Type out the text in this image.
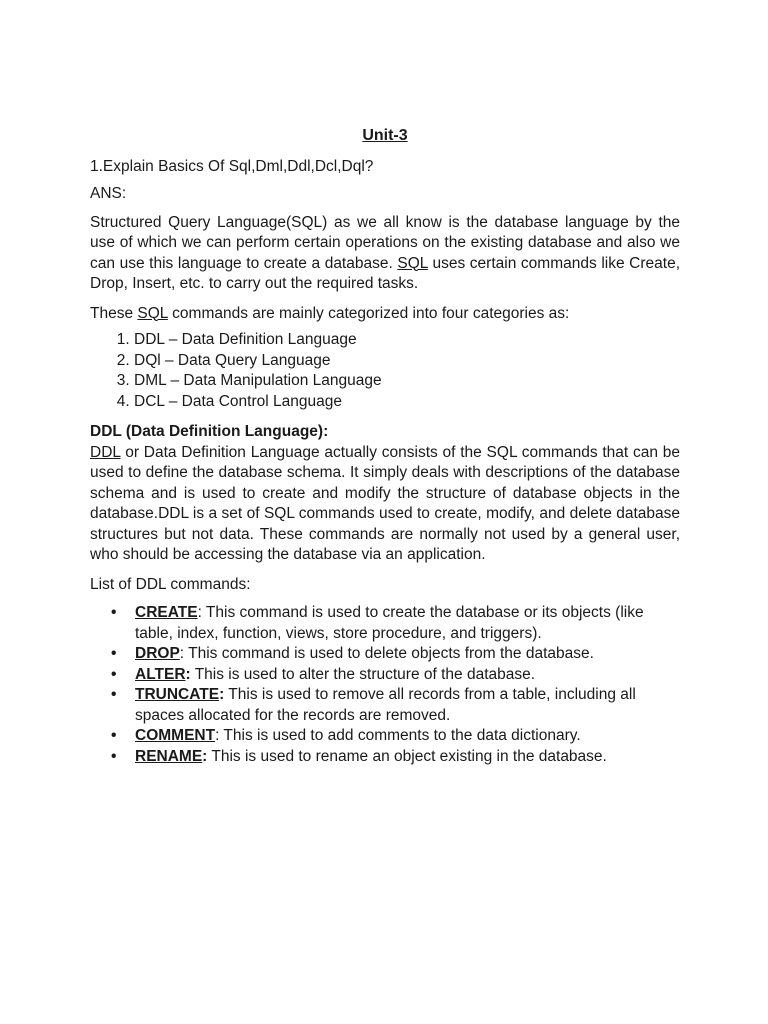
Unit-3
1.Explain Basics Of Sql,Dml,Ddl,Dcl,Dql?
ANS:
Structured Query Language(SQL) as we all know is the database language by the use of which we can perform certain operations on the existing database and also we can use this language to create a database. SQL uses certain commands like Create, Drop, Insert, etc. to carry out the required tasks.
These SQL commands are mainly categorized into four categories as:
1. DDL – Data Definition Language
2. DQl – Data Query Language
3. DML – Data Manipulation Language
4. DCL – Data Control Language
DDL (Data Definition Language):
DDL or Data Definition Language actually consists of the SQL commands that can be used to define the database schema. It simply deals with descriptions of the database schema and is used to create and modify the structure of database objects in the database.DDL is a set of SQL commands used to create, modify, and delete database structures but not data. These commands are normally not used by a general user, who should be accessing the database via an application.
List of DDL commands:
• CREATE: This command is used to create the database or its objects (like table, index, function, views, store procedure, and triggers).
• DROP: This command is used to delete objects from the database.
• ALTER: This is used to alter the structure of the database.
• TRUNCATE: This is used to remove all records from a table, including all spaces allocated for the records are removed.
• COMMENT: This is used to add comments to the data dictionary.
• RENAME: This is used to rename an object existing in the database.
